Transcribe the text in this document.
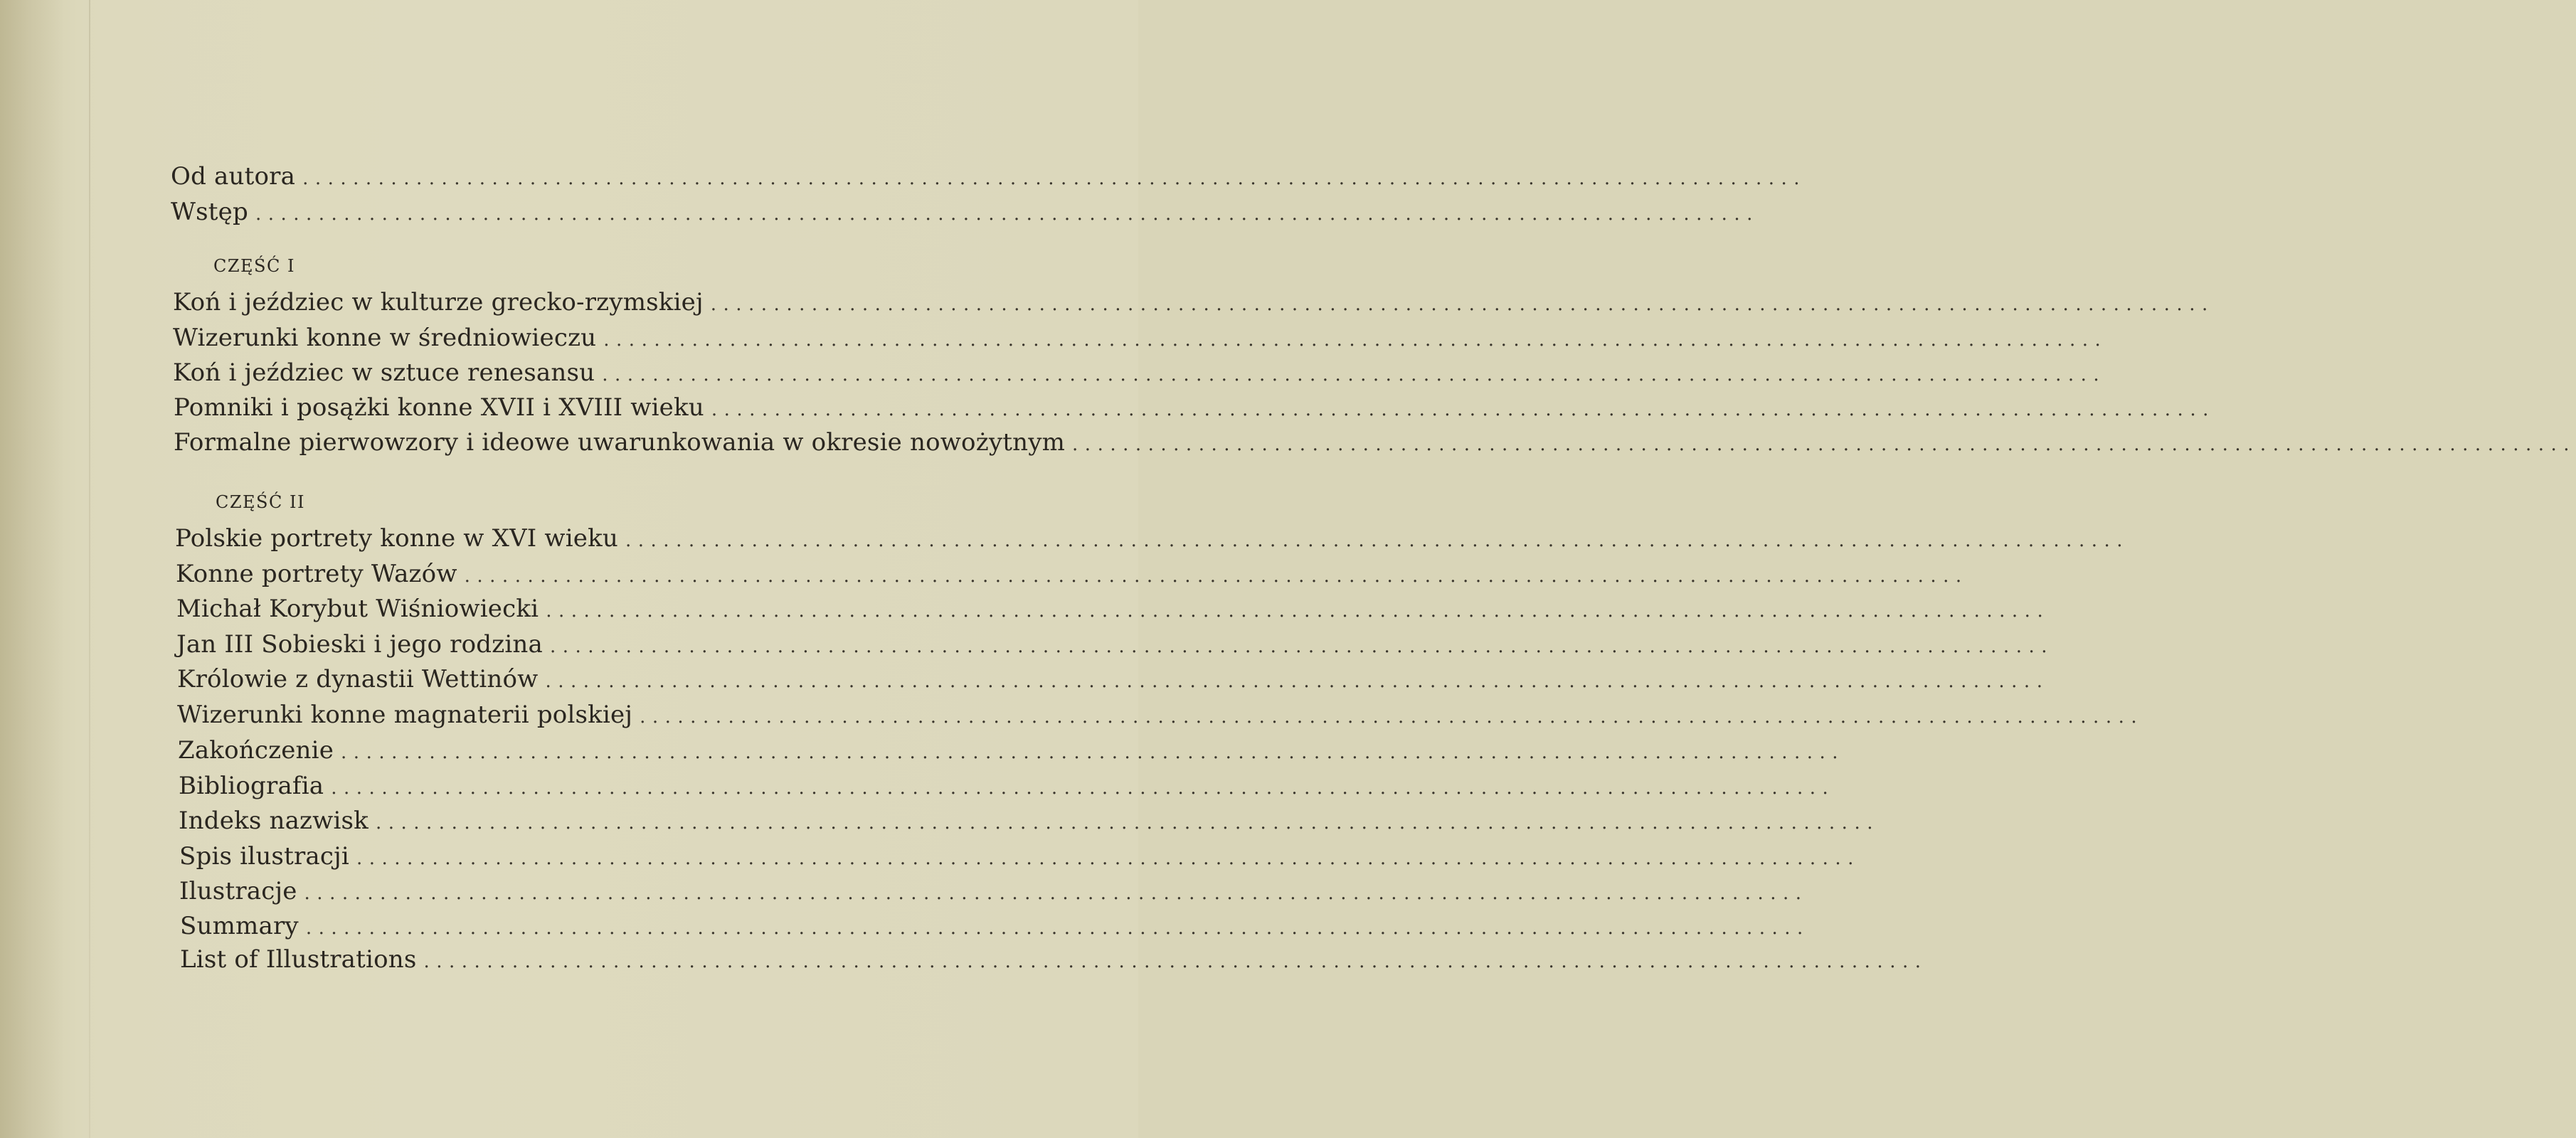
Od autora .......................................................................................................................
Wstęp .......................................................................................................................
CZĘŚĆ I
Koń i jeździec w kulturze grecko-rzymskiej .......................................................................................................................
Wizerunki konne w średniowieczu .......................................................................................................................
Koń i jeździec w sztuce renesansu .......................................................................................................................
Pomniki i posążki konne XVII i XVIII wieku .......................................................................................................................
Formalne pierwowzory i ideowe uwarunkowania w okresie nowożytnym .......................................................................................................................
CZĘŚĆ II
Polskie portrety konne w XVI wieku .......................................................................................................................
Konne portrety Wazów .......................................................................................................................
Michał Korybut Wiśniowiecki .......................................................................................................................
Jan III Sobieski i jego rodzina .......................................................................................................................
Królowie z dynastii Wettinów .......................................................................................................................
Wizerunki konne magnaterii polskiej .......................................................................................................................
Zakończenie .......................................................................................................................
Bibliografia .......................................................................................................................
Indeks nazwisk .......................................................................................................................
Spis ilustracji .......................................................................................................................
Ilustracje .......................................................................................................................
Summary .......................................................................................................................
List of Illustrations .......................................................................................................................
